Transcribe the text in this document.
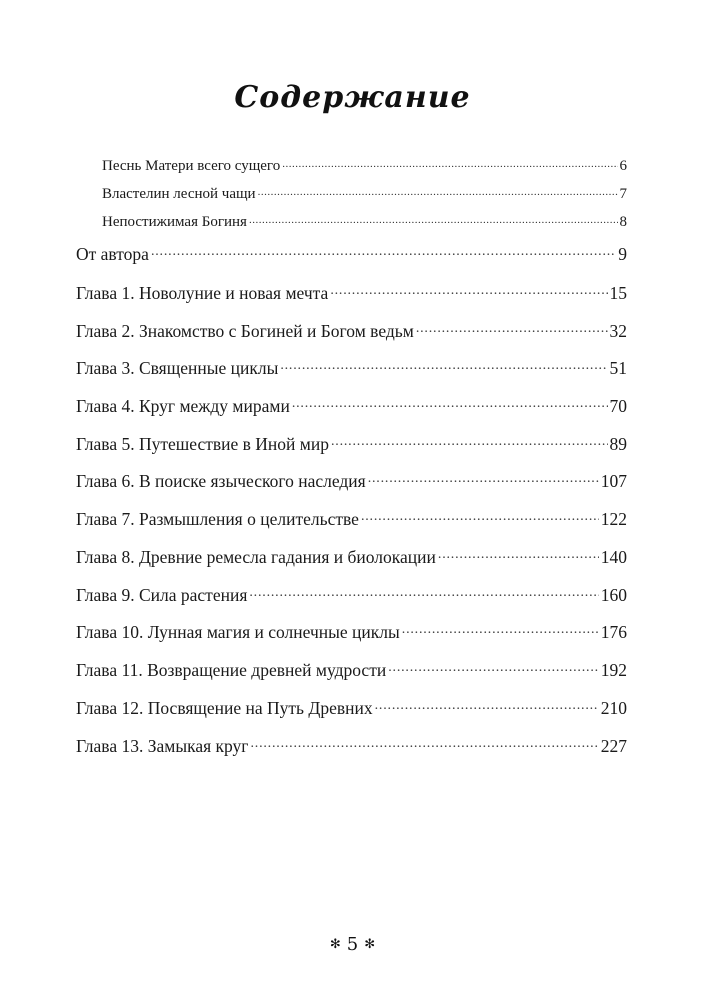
Содержание
Песнь Матери всего сущего .....	6
Властелин лесной чащи .....	7
Непостижимая Богиня .....	8
От автора .....	9
Глава 1. Новолуние и новая мечта .....	15
Глава 2. Знакомство с Богиней и Богом ведьм .....	32
Глава 3. Священные циклы .....	51
Глава 4. Круг между мирами .....	70
Глава 5. Путешествие в Иной мир .....	89
Глава 6. В поиске языческого наследия .....	107
Глава 7. Размышления о целительстве .....	122
Глава 8. Древние ремесла гадания и биолокации .....	140
Глава 9. Сила растения .....	160
Глава 10. Лунная магия и солнечные циклы .....	176
Глава 11. Возвращение древней мудрости .....	192
Глава 12. Посвящение на Путь Древних .....	210
Глава 13. Замыкая круг .....	227
✻ 5 ✻
